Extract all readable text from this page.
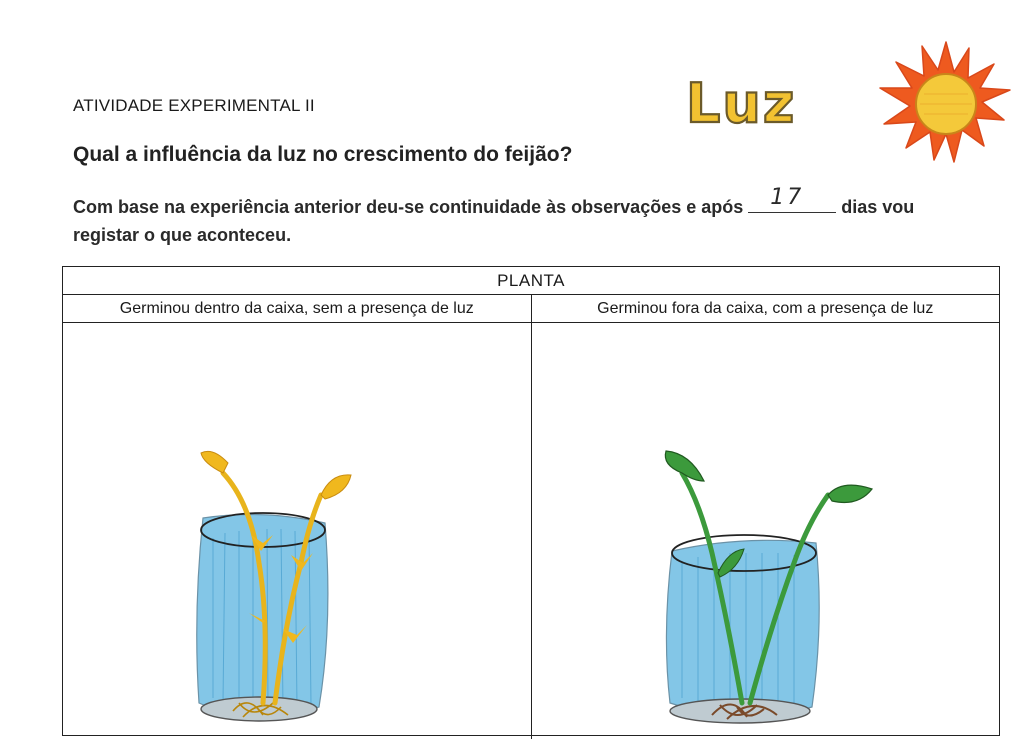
ATIVIDADE EXPERIMENTAL II	Luz
Qual a influência da luz no crescimento do feijão?
Com base na experiência anterior deu-se continuidade às observações e após 17 dias vou registar o que aconteceu.
PLANTA
Germinou dentro da caixa, sem a presença de luz	Germinou fora da caixa, com a presença de luz
